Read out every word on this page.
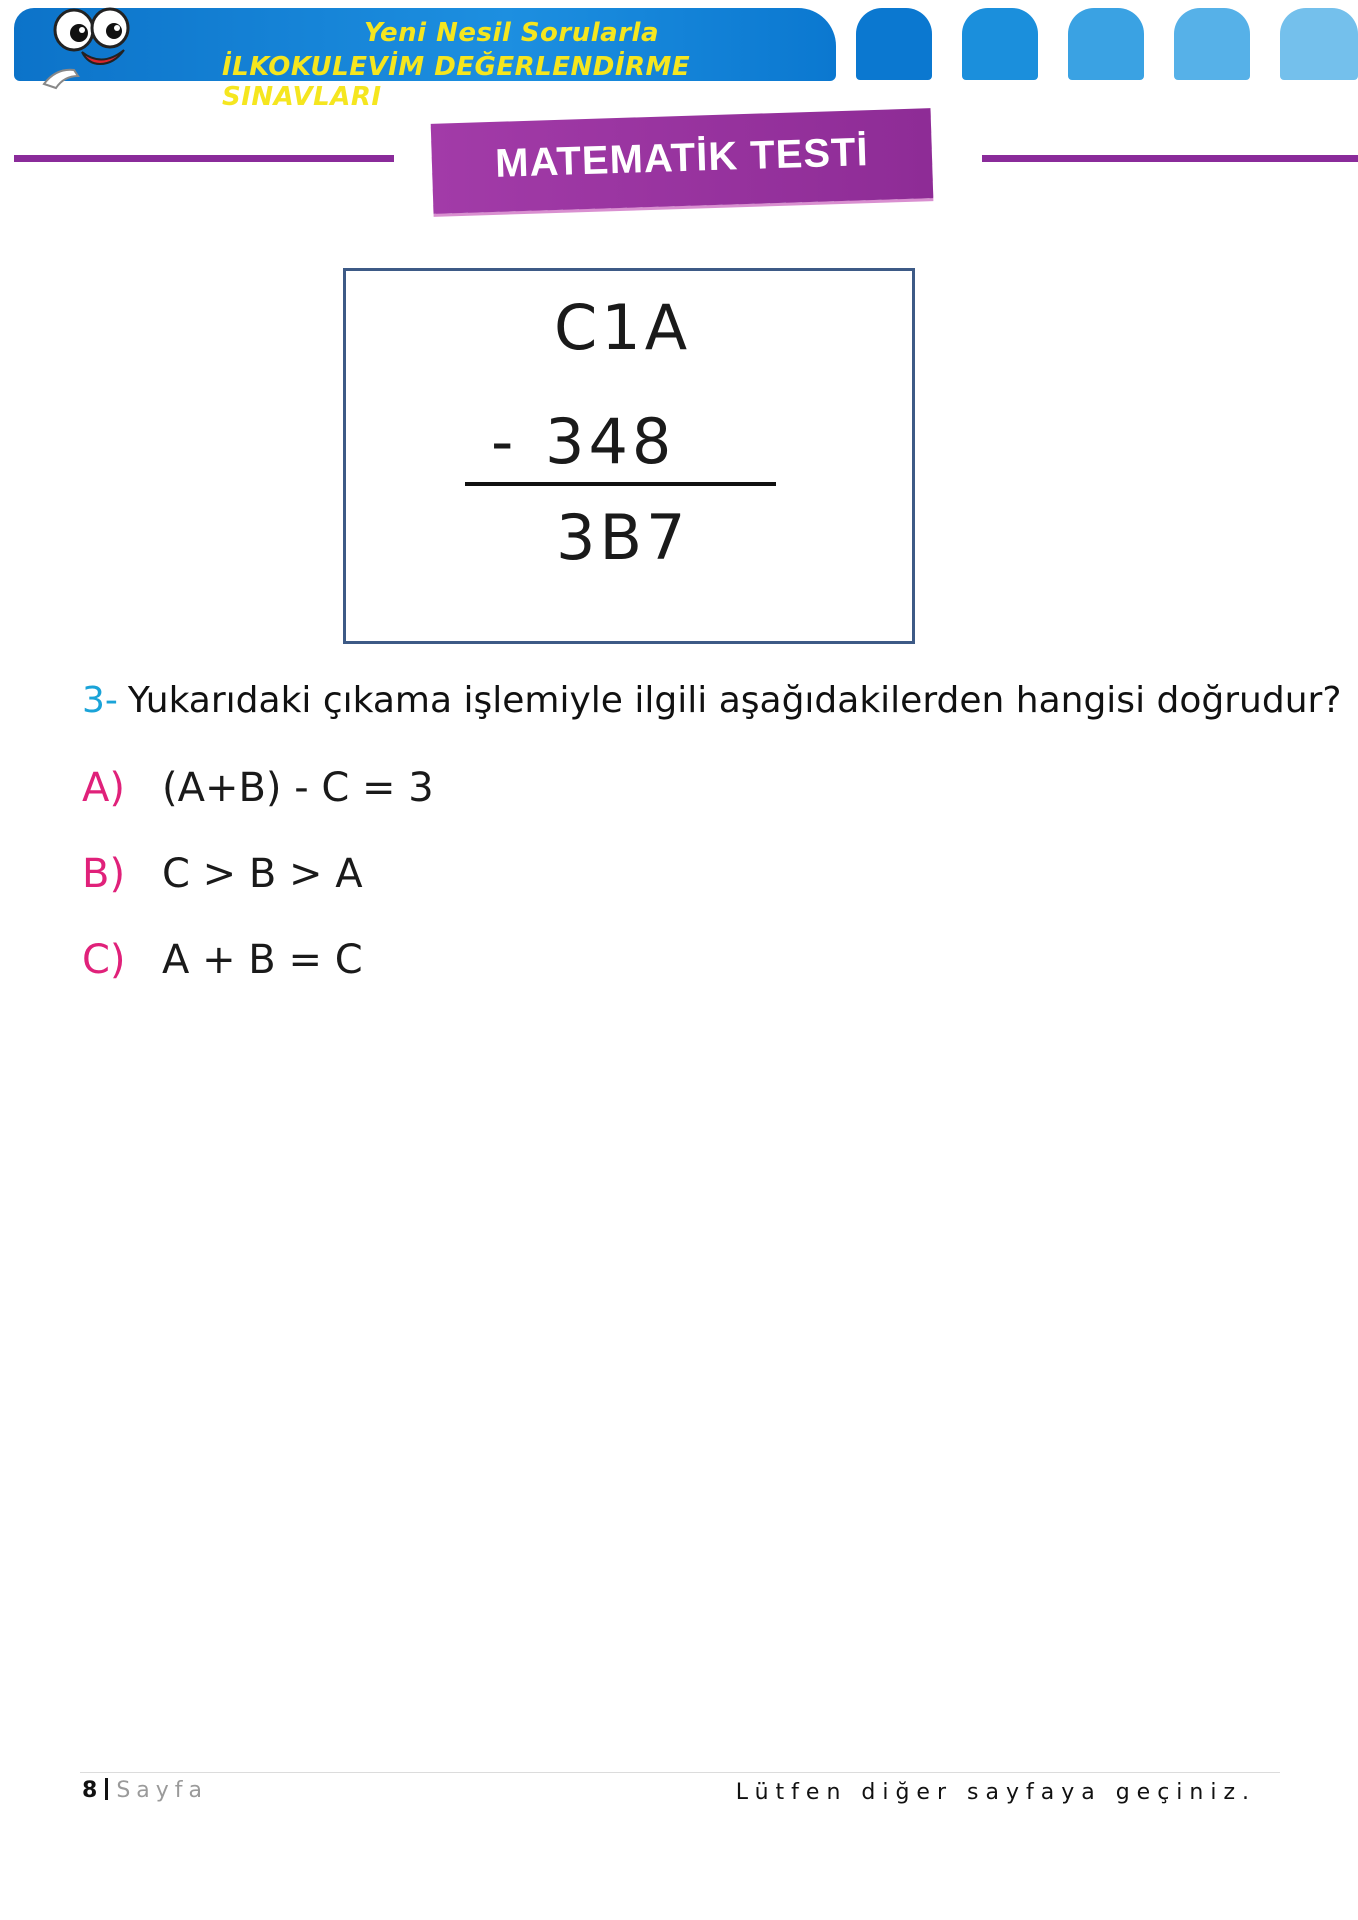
Yeni Nesil Sorularla
İLKOKULEVİM DEĞERLENDİRME SINAVLARI
MATEMATİK TESTİ
C1A
- 348
3B7
3- Yukarıdaki çıkama işlemiyle ilgili aşağıdakilerden hangisi doğrudur?
A) (A+B) - C = 3
B) C > B > A
C) A + B = C
8 Sayfa	Lütfen diğer sayfaya geçiniz.
